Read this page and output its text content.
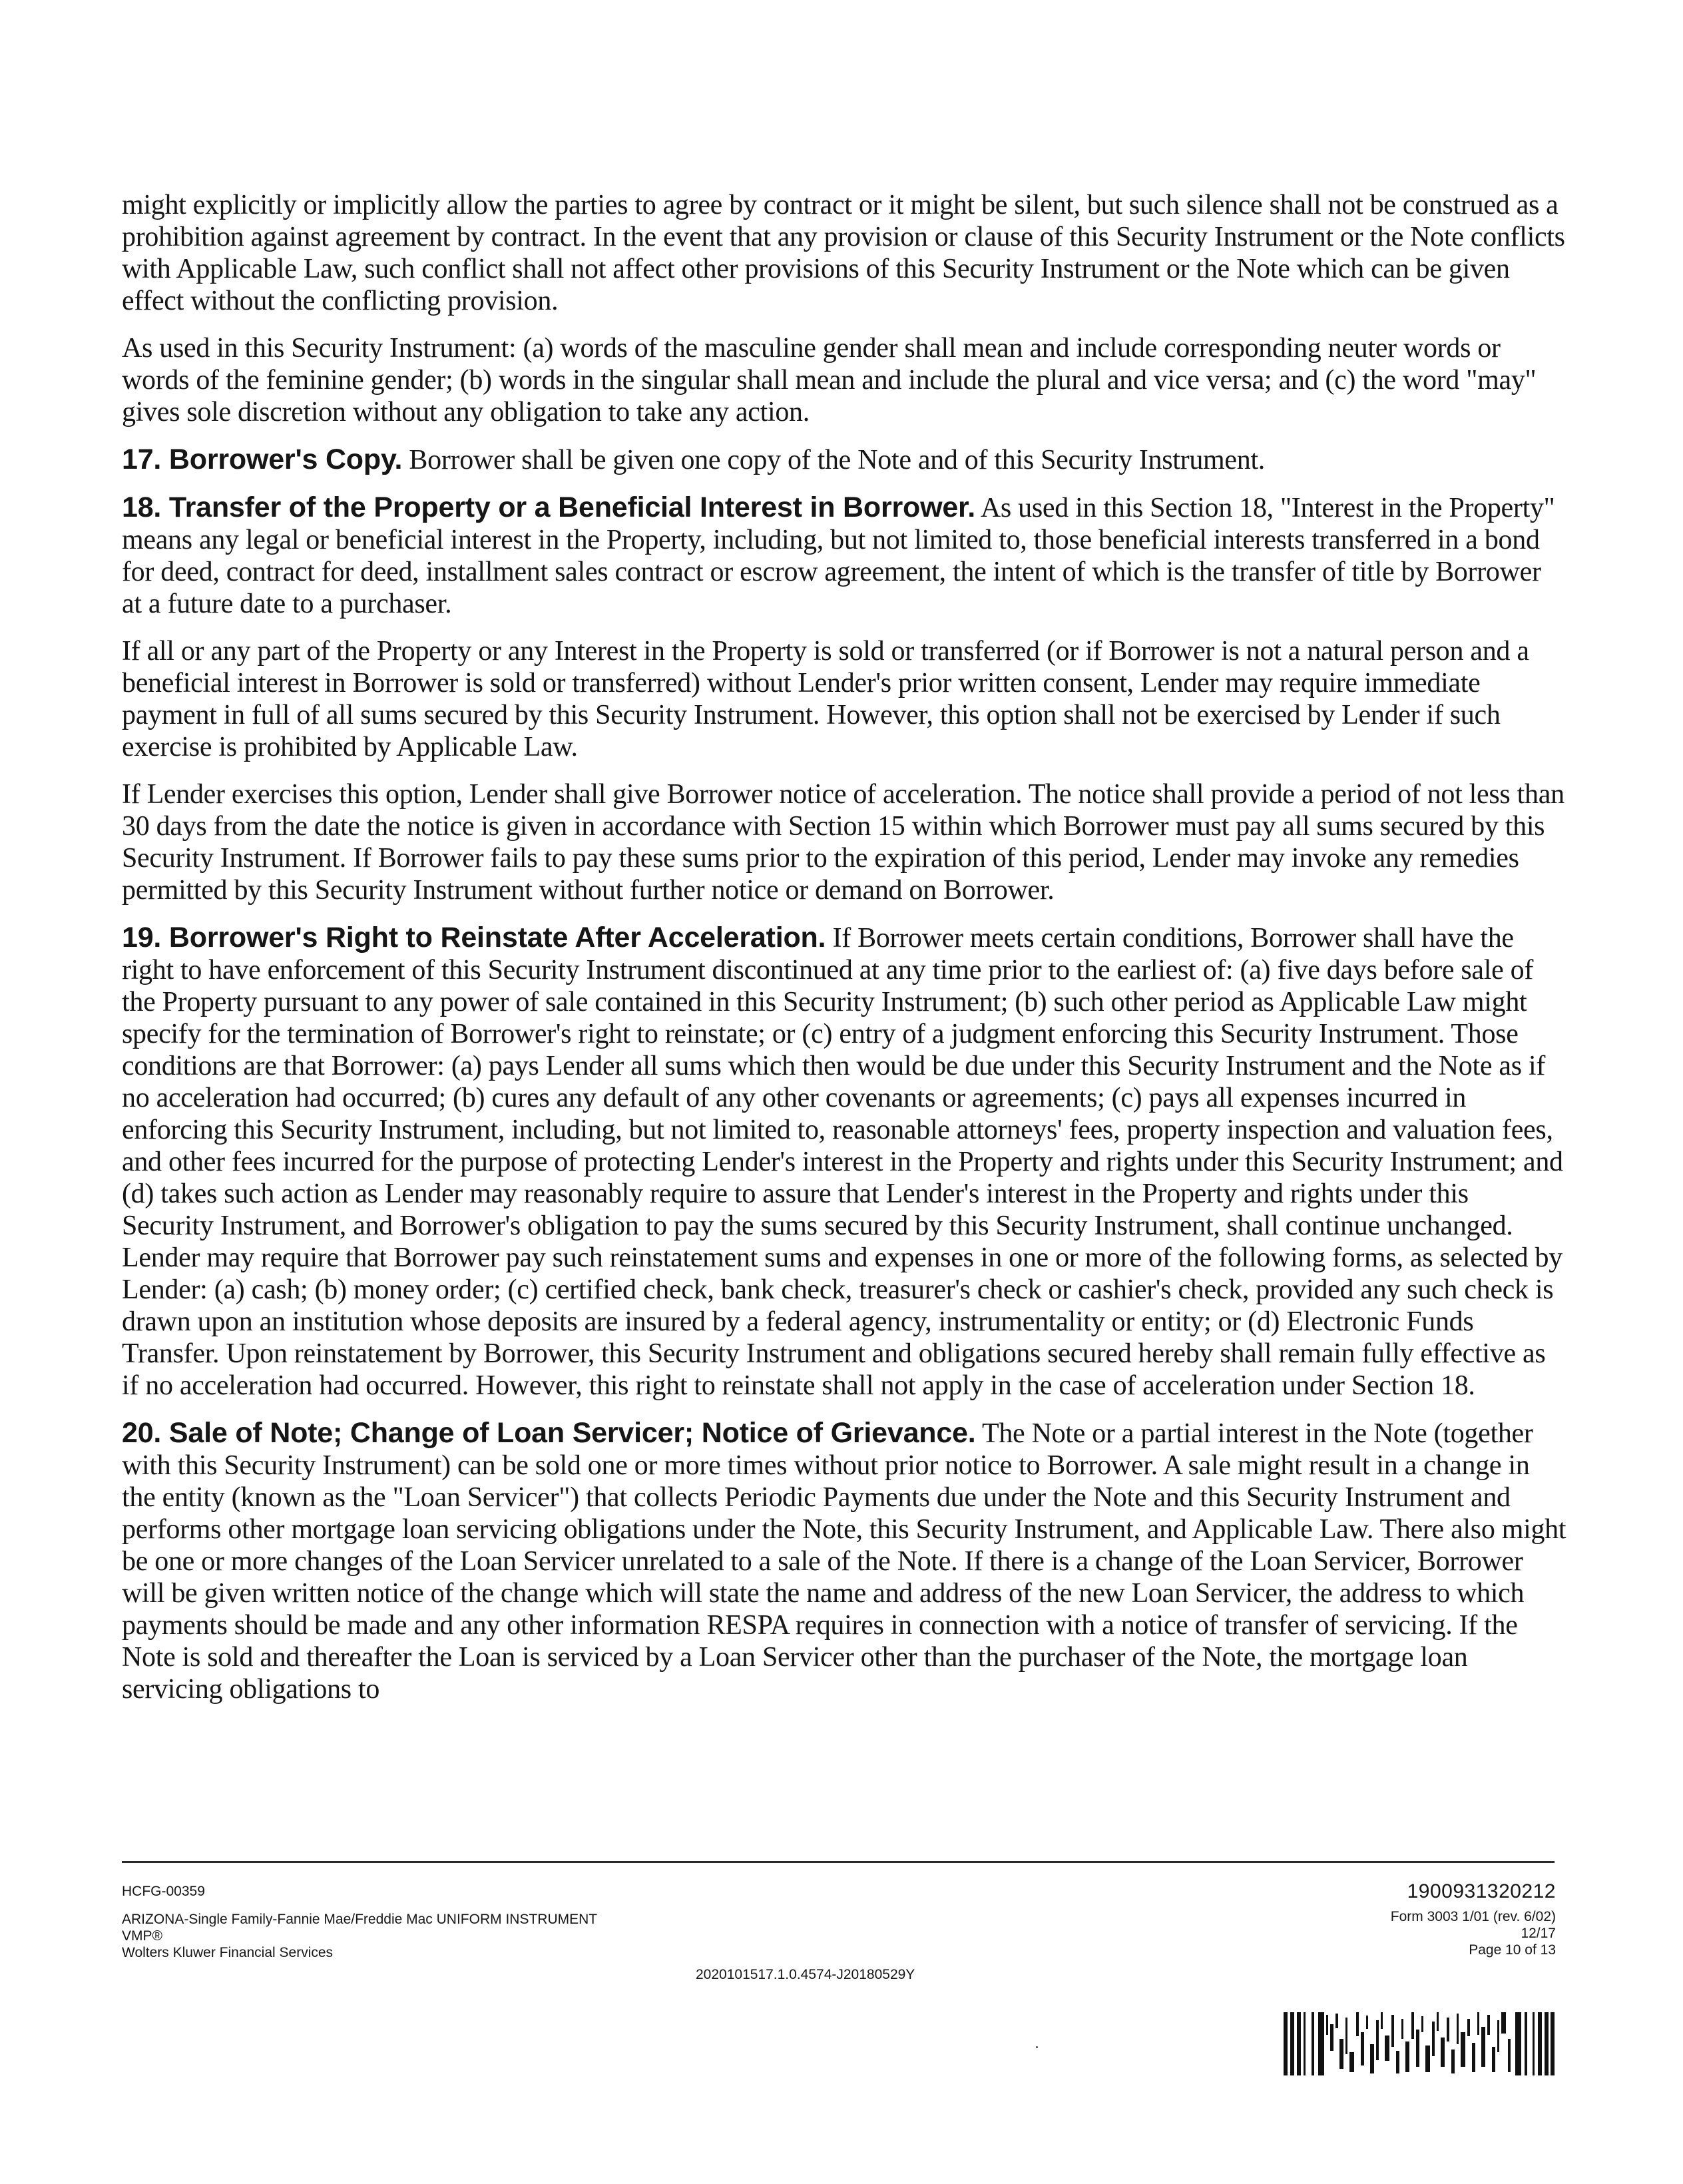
might explicitly or implicitly allow the parties to agree by contract or it might be silent, but such silence shall not be construed as a prohibition against agreement by contract. In the event that any provision or clause of this Security Instrument or the Note conflicts with Applicable Law, such conflict shall not affect other provisions of this Security Instrument or the Note which can be given effect without the conflicting provision.

As used in this Security Instrument: (a) words of the masculine gender shall mean and include corresponding neuter words or words of the feminine gender; (b) words in the singular shall mean and include the plural and vice versa; and (c) the word "may" gives sole discretion without any obligation to take any action.

17. Borrower's Copy. Borrower shall be given one copy of the Note and of this Security Instrument.

18. Transfer of the Property or a Beneficial Interest in Borrower. As used in this Section 18, "Interest in the Property" means any legal or beneficial interest in the Property, including, but not limited to, those beneficial interests transferred in a bond for deed, contract for deed, installment sales contract or escrow agreement, the intent of which is the transfer of title by Borrower at a future date to a purchaser.

If all or any part of the Property or any Interest in the Property is sold or transferred (or if Borrower is not a natural person and a beneficial interest in Borrower is sold or transferred) without Lender's prior written consent, Lender may require immediate payment in full of all sums secured by this Security Instrument. However, this option shall not be exercised by Lender if such exercise is prohibited by Applicable Law.

If Lender exercises this option, Lender shall give Borrower notice of acceleration. The notice shall provide a period of not less than 30 days from the date the notice is given in accordance with Section 15 within which Borrower must pay all sums secured by this Security Instrument. If Borrower fails to pay these sums prior to the expiration of this period, Lender may invoke any remedies permitted by this Security Instrument without further notice or demand on Borrower.

19. Borrower's Right to Reinstate After Acceleration. If Borrower meets certain conditions, Borrower shall have the right to have enforcement of this Security Instrument discontinued at any time prior to the earliest of: (a) five days before sale of the Property pursuant to any power of sale contained in this Security Instrument; (b) such other period as Applicable Law might specify for the termination of Borrower's right to reinstate; or (c) entry of a judgment enforcing this Security Instrument. Those conditions are that Borrower: (a) pays Lender all sums which then would be due under this Security Instrument and the Note as if no acceleration had occurred; (b) cures any default of any other covenants or agreements; (c) pays all expenses incurred in enforcing this Security Instrument, including, but not limited to, reasonable attorneys' fees, property inspection and valuation fees, and other fees incurred for the purpose of protecting Lender's interest in the Property and rights under this Security Instrument; and (d) takes such action as Lender may reasonably require to assure that Lender's interest in the Property and rights under this Security Instrument, and Borrower's obligation to pay the sums secured by this Security Instrument, shall continue unchanged. Lender may require that Borrower pay such reinstatement sums and expenses in one or more of the following forms, as selected by Lender: (a) cash; (b) money order; (c) certified check, bank check, treasurer's check or cashier's check, provided any such check is drawn upon an institution whose deposits are insured by a federal agency, instrumentality or entity; or (d) Electronic Funds Transfer. Upon reinstatement by Borrower, this Security Instrument and obligations secured hereby shall remain fully effective as if no acceleration had occurred. However, this right to reinstate shall not apply in the case of acceleration under Section 18.

20. Sale of Note; Change of Loan Servicer; Notice of Grievance. The Note or a partial interest in the Note (together with this Security Instrument) can be sold one or more times without prior notice to Borrower. A sale might result in a change in the entity (known as the "Loan Servicer") that collects Periodic Payments due under the Note and this Security Instrument and performs other mortgage loan servicing obligations under the Note, this Security Instrument, and Applicable Law. There also might be one or more changes of the Loan Servicer unrelated to a sale of the Note. If there is a change of the Loan Servicer, Borrower will be given written notice of the change which will state the name and address of the new Loan Servicer, the address to which payments should be made and any other information RESPA requires in connection with a notice of transfer of servicing. If the Note is sold and thereafter the Loan is serviced by a Loan Servicer other than the purchaser of the Note, the mortgage loan servicing obligations to

HCFG-00359
ARIZONA-Single Family-Fannie Mae/Freddie Mac UNIFORM INSTRUMENT
VMP®
Wolters Kluwer Financial Services
2020101517.1.0.4574-J20180529Y
1900931320212
Form 3003 1/01 (rev. 6/02)
12/17
Page 10 of 13
